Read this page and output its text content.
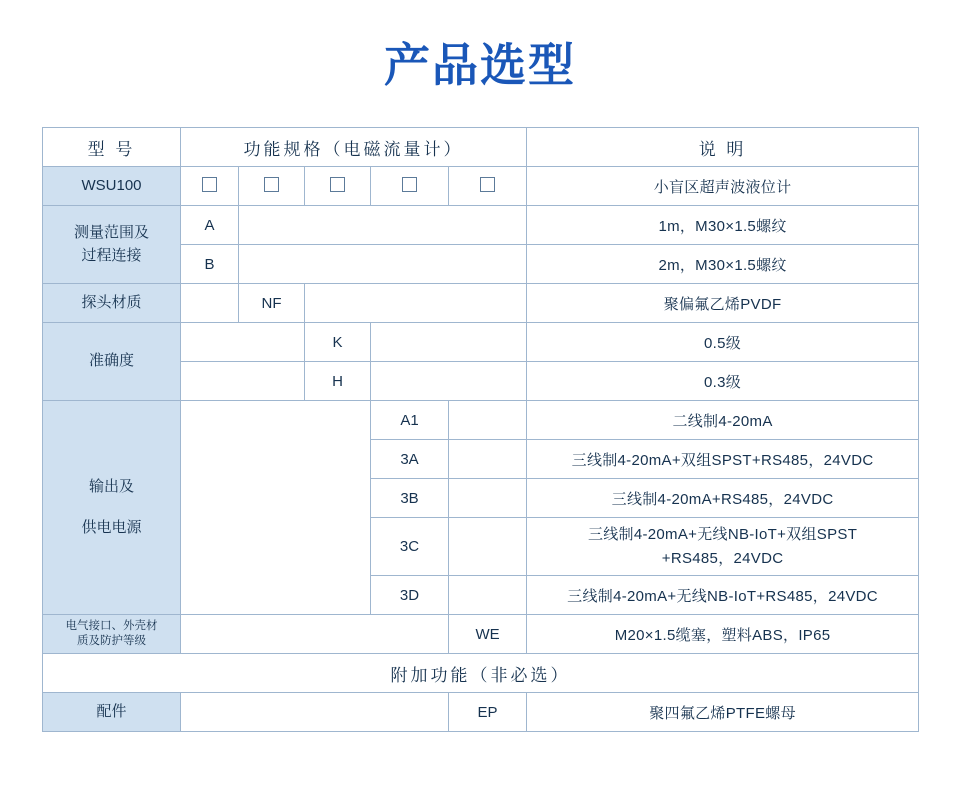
产品选型
型 号	功能规格（电磁流量计）					说 明
WSU100						小盲区超声波液位计

测量范围及
过程连接	A					1m，M30×1.5螺纹
	B					2m，M30×1.5螺纹
探头材质		NF				聚偏氟乙烯PVDF
准确度			K			0.5级
			H			0.3级

输出及
供电电源				A1		二线制4-20mA
				3A		三线制4-20mA+双组SPST+RS485，24VDC
				3B		三线制4-20mA+RS485，24VDC
				3C		三线制4-20mA+无线NB-IoT+双组SPST
+RS485，24VDC

				3D		三线制4-20mA+无线NB-IoT+RS485，24VDC

电气接口、外壳材
质及防护等级					WE	M20×1.5缆塞，塑料ABS，IP65
附加功能（非必选）						
配件					EP	聚四氟乙烯PTFE螺母
